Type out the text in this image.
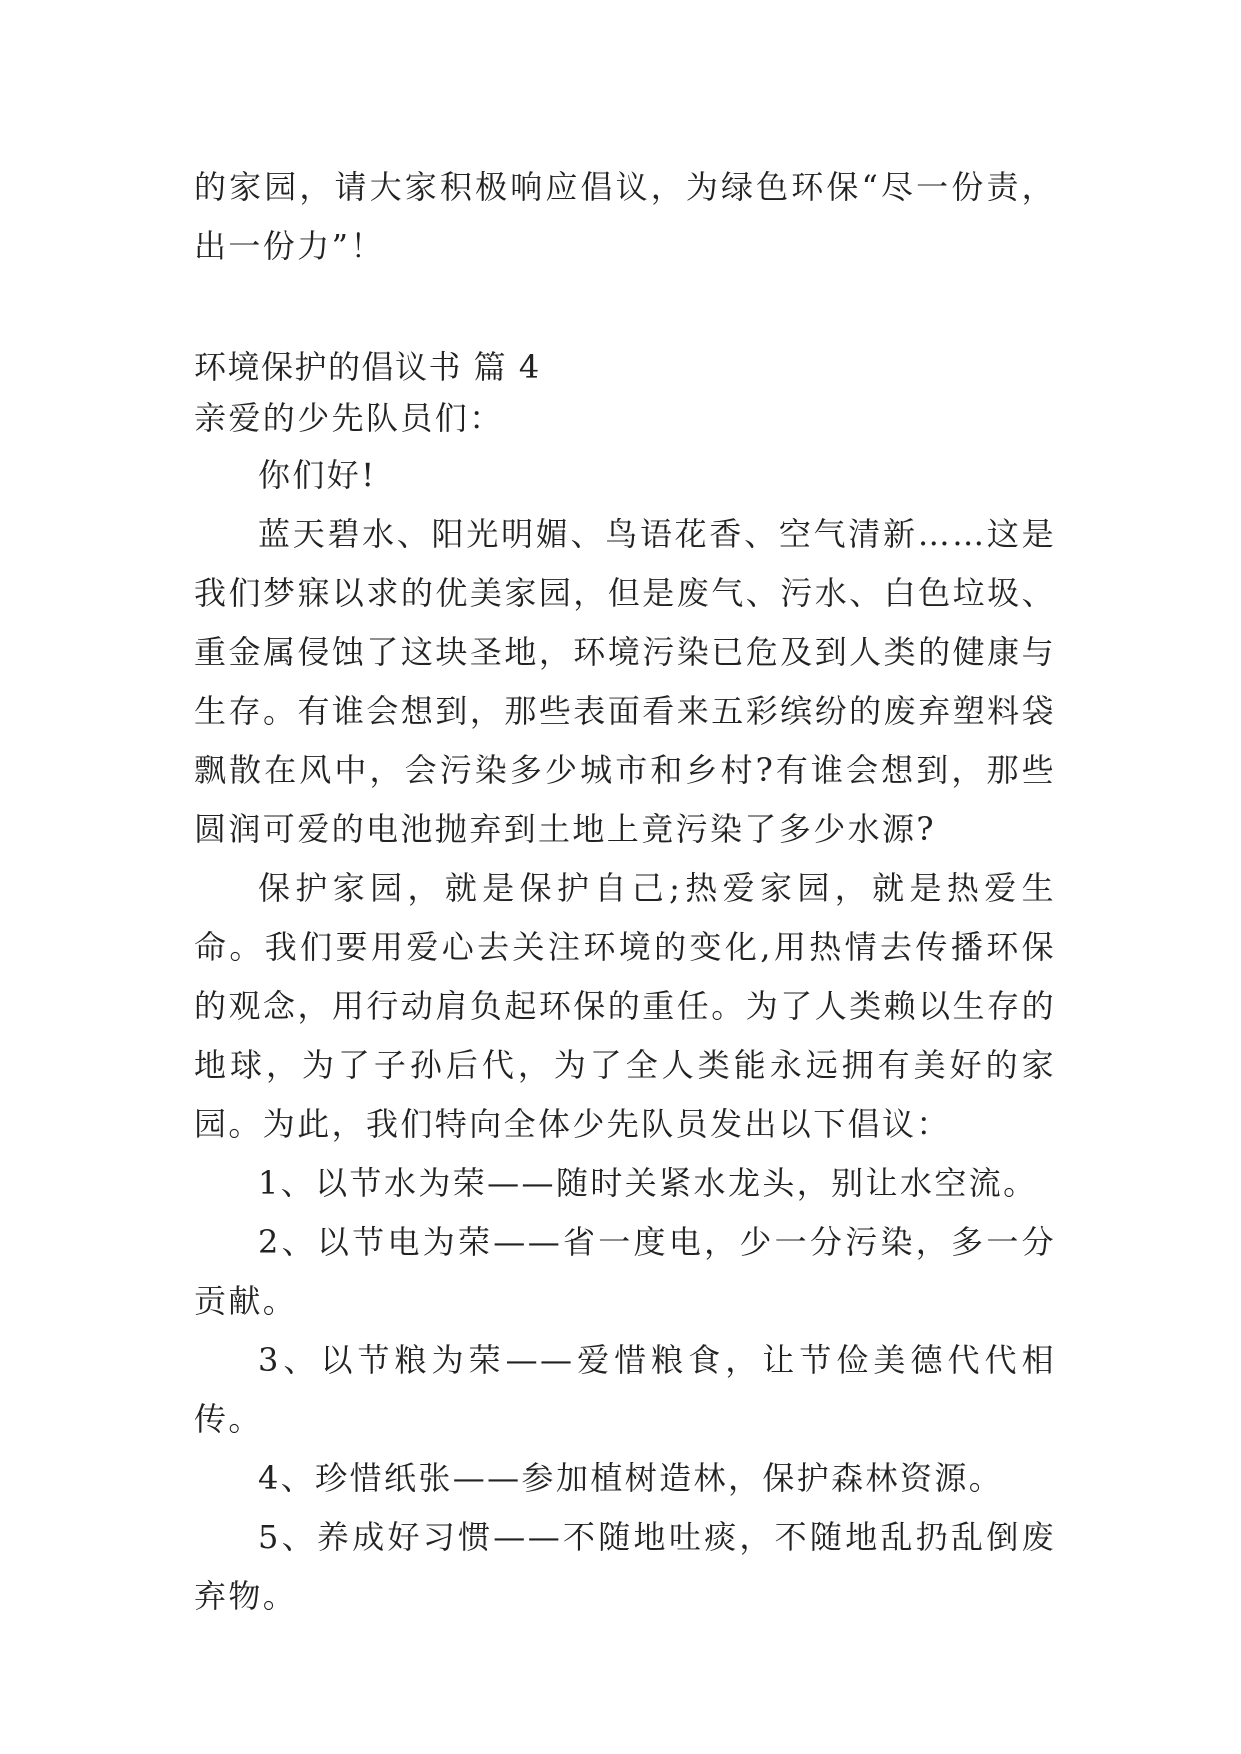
的家园，请大家积极响应倡议，为绿色环保“尽一份责，出一份力”！

环境保护的倡议书 篇 4

亲爱的少先队员们：

你们好!

蓝天碧水、阳光明媚、鸟语花香、空气清新……这是我们梦寐以求的优美家园，但是废气、污水、白色垃圾、重金属侵蚀了这块圣地，环境污染已危及到人类的健康与生存。有谁会想到，那些表面看来五彩缤纷的废弃塑料袋飘散在风中，会污染多少城市和乡村?有谁会想到，那些圆润可爱的电池抛弃到土地上竟污染了多少水源?

保护家园，就是保护自己;热爱家园，就是热爱生命。我们要用爱心去关注环境的变化,用热情去传播环保的观念，用行动肩负起环保的重任。为了人类赖以生存的地球，为了子孙后代，为了全人类能永远拥有美好的家园。为此，我们特向全体少先队员发出以下倡议：

1、以节水为荣——随时关紧水龙头，别让水空流。

2、以节电为荣——省一度电，少一分污染，多一分贡献。

3、以节粮为荣——爱惜粮食，让节俭美德代代相传。

4、珍惜纸张——参加植树造林，保护森林资源。

5、养成好习惯——不随地吐痰，不随地乱扔乱倒废弃物。
